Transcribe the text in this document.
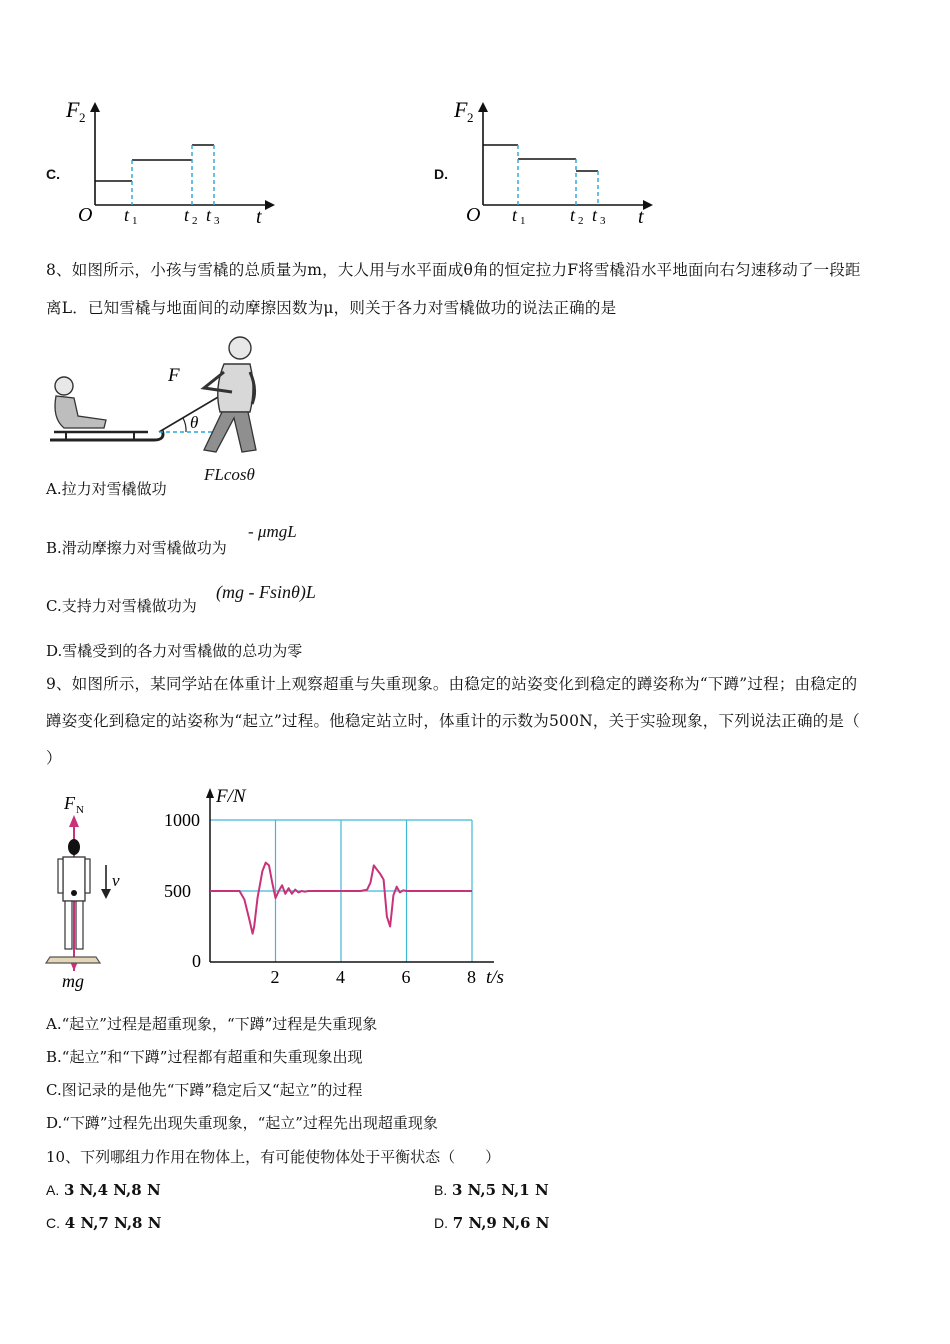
C.
F 2
O	t
t 1	t 2 t 3
D.
F 2
O	t
t 1 t 2 t 3
8、如图所示，小孩与雪橇的总质量为m，大人用与水平面成θ角的恒定拉力F将雪橇沿水平地面向右匀速移动了一段距
离L．已知雪橇与地面间的动摩擦因数为μ，则关于各力对雪橇做功的说法正确的是
F
θ
A.拉力对雪橇做功
FLcosθ
B.滑动摩擦力对雪橇做功为
- μmgL
C.支持力对雪橇做功为
(mg - Fsinθ)L
D.雪橇受到的各力对雪橇做的总功为零
9、如图所示，某同学站在体重计上观察超重与失重现象。由稳定的站姿变化到稳定的蹲姿称为“下蹲”过程；由稳定的
蹲姿变化到稳定的站姿称为“起立”过程。他稳定站立时，体重计的示数为500N，关于实验现象，下列说法正确的是（
）
F N
v
mg	2	4	6	8
500
1000
0
F/N
t/s
A.“起立”过程是超重现象，“下蹲”过程是失重现象
B.“起立”和“下蹲”过程都有超重和失重现象出现
C.图记录的是他先“下蹲”稳定后又“起立”的过程
D.“下蹲”过程先出现失重现象，“起立”过程先出现超重现象
10、下列哪组力作用在物体上，有可能使物体处于平衡状态（　　）
A. 3 N,4 N,8 N	B. 3 N,5 N,1 N
C. 4 N,7 N,8 N	D. 7 N,9 N,6 N
